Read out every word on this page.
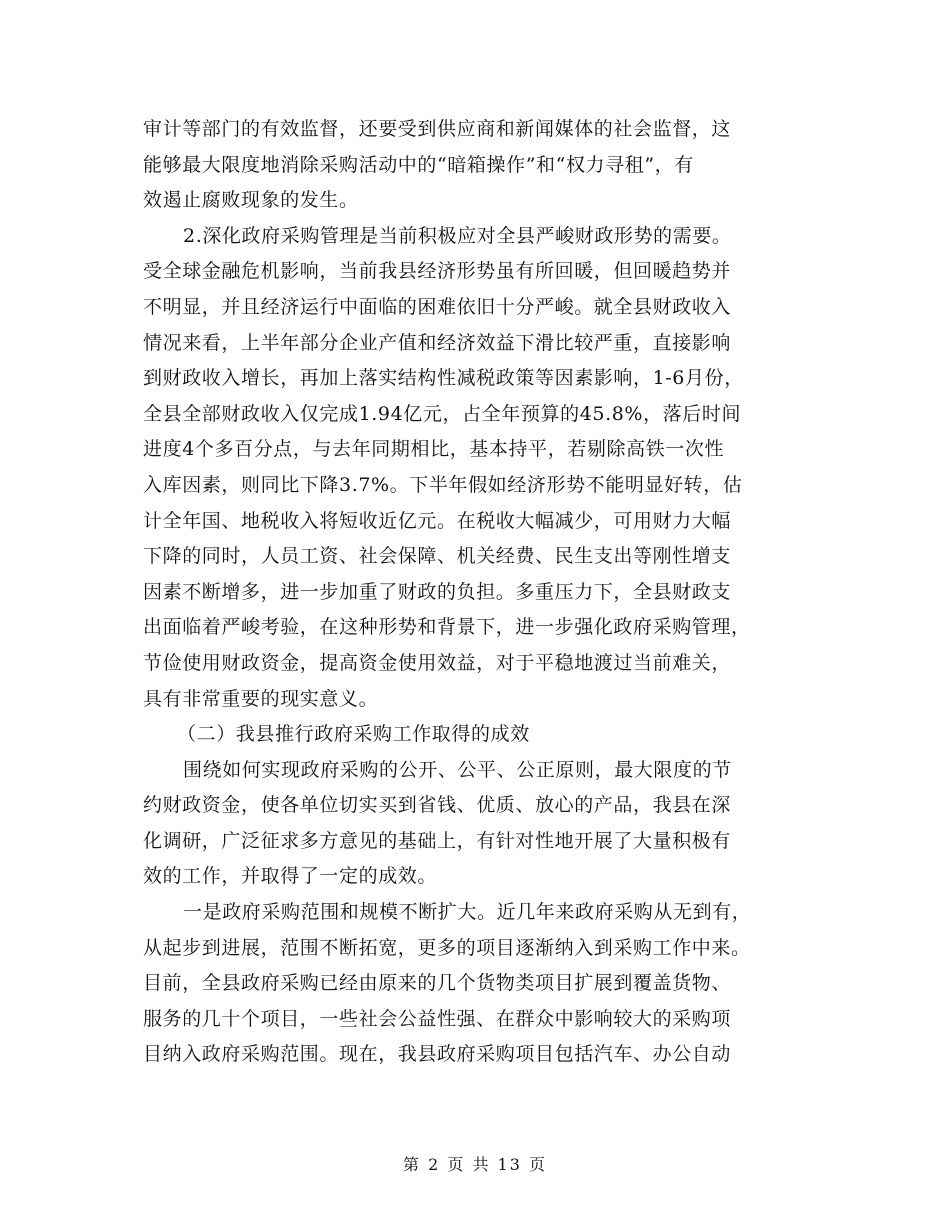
审计等部门的有效监督，还要受到供应商和新闻媒体的社会监督，这
能够最大限度地消除采购活动中的“暗箱操作”和“权力寻租”，有
效遏止腐败现象的发生。
2.深化政府采购管理是当前积极应对全县严峻财政形势的需要。
受全球金融危机影响，当前我县经济形势虽有所回暖，但回暖趋势并
不明显，并且经济运行中面临的困难依旧十分严峻。就全县财政收入
情况来看，上半年部分企业产值和经济效益下滑比较严重，直接影响
到财政收入增长，再加上落实结构性减税政策等因素影响，1-6月份，
全县全部财政收入仅完成1.94亿元，占全年预算的45.8%，落后时间
进度4个多百分点，与去年同期相比，基本持平，若剔除高铁一次性
入库因素，则同比下降3.7%。下半年假如经济形势不能明显好转，估
计全年国、地税收入将短收近亿元。在税收大幅减少，可用财力大幅
下降的同时，人员工资、社会保障、机关经费、民生支出等刚性增支
因素不断增多，进一步加重了财政的负担。多重压力下，全县财政支
出面临着严峻考验，在这种形势和背景下，进一步强化政府采购管理，
节俭使用财政资金，提高资金使用效益，对于平稳地渡过当前难关，
具有非常重要的现实意义。
（二）我县推行政府采购工作取得的成效
围绕如何实现政府采购的公开、公平、公正原则，最大限度的节
约财政资金，使各单位切实买到省钱、优质、放心的产品，我县在深
化调研，广泛征求多方意见的基础上，有针对性地开展了大量积极有
效的工作，并取得了一定的成效。
一是政府采购范围和规模不断扩大。近几年来政府采购从无到有，
从起步到进展，范围不断拓宽，更多的项目逐渐纳入到采购工作中来。
目前，全县政府采购已经由原来的几个货物类项目扩展到覆盖货物、
服务的几十个项目，一些社会公益性强、在群众中影响较大的采购项
目纳入政府采购范围。现在，我县政府采购项目包括汽车、办公自动
第 2 页 共 13 页
